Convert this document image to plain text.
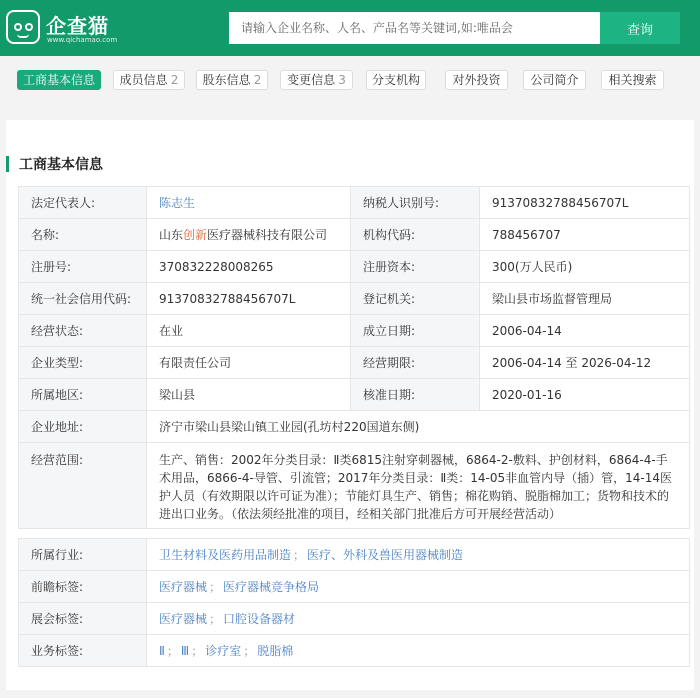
企查猫
www.qichamao.com
请输入企业名称、人名、产品名等关键词,如:唯品会
查询
工商基本信息	成员信息 2	股东信息 2	变更信息 3	分支机构	对外投资	公司简介	相关搜索
工商基本信息
法定代表人:	陈志生	纳税人识别号:	91370832788456707L
名称:	山东创新医疗器械科技有限公司	机构代码:	788456707
注册号:	370832228008265	注册资本:	300(万人民币)
统一社会信用代码:	91370832788456707L	登记机关:	梁山县市场监督管理局
经营状态:	在业	成立日期:	2006-04-14
企业类型:	有限责任公司	经营期限:	2006-04-14 至 2026-04-12
所属地区:	梁山县	核准日期:	2020-01-16
企业地址:	济宁市梁山县梁山镇工业园(孔坊村220国道东侧)		
经营范围:	生产、销售：2002年分类目录：Ⅱ类6815注射穿刺器械，6864-2-敷料、护创材料，6864-4-手术用品，6866-4-导管、引流管；2017年分类目录：Ⅱ类：14-05非血管内导（插）管，14-14医护人员（有效期限以许可证为准）；节能灯具生产、销售；棉花购销、脱脂棉加工；货物和技术的进出口业务。（依法须经批准的项目，经相关部门批准后方可开展经营活动）		
所属行业:	卫生材料及医药用品制造 ； 医疗、外科及兽医用器械制造
前瞻标签:	医疗器械 ； 医疗器械竞争格局
展会标签:	医疗器械 ； 口腔设备器材
业务标签:	Ⅱ ； Ⅲ ； 诊疗室 ； 脱脂棉
